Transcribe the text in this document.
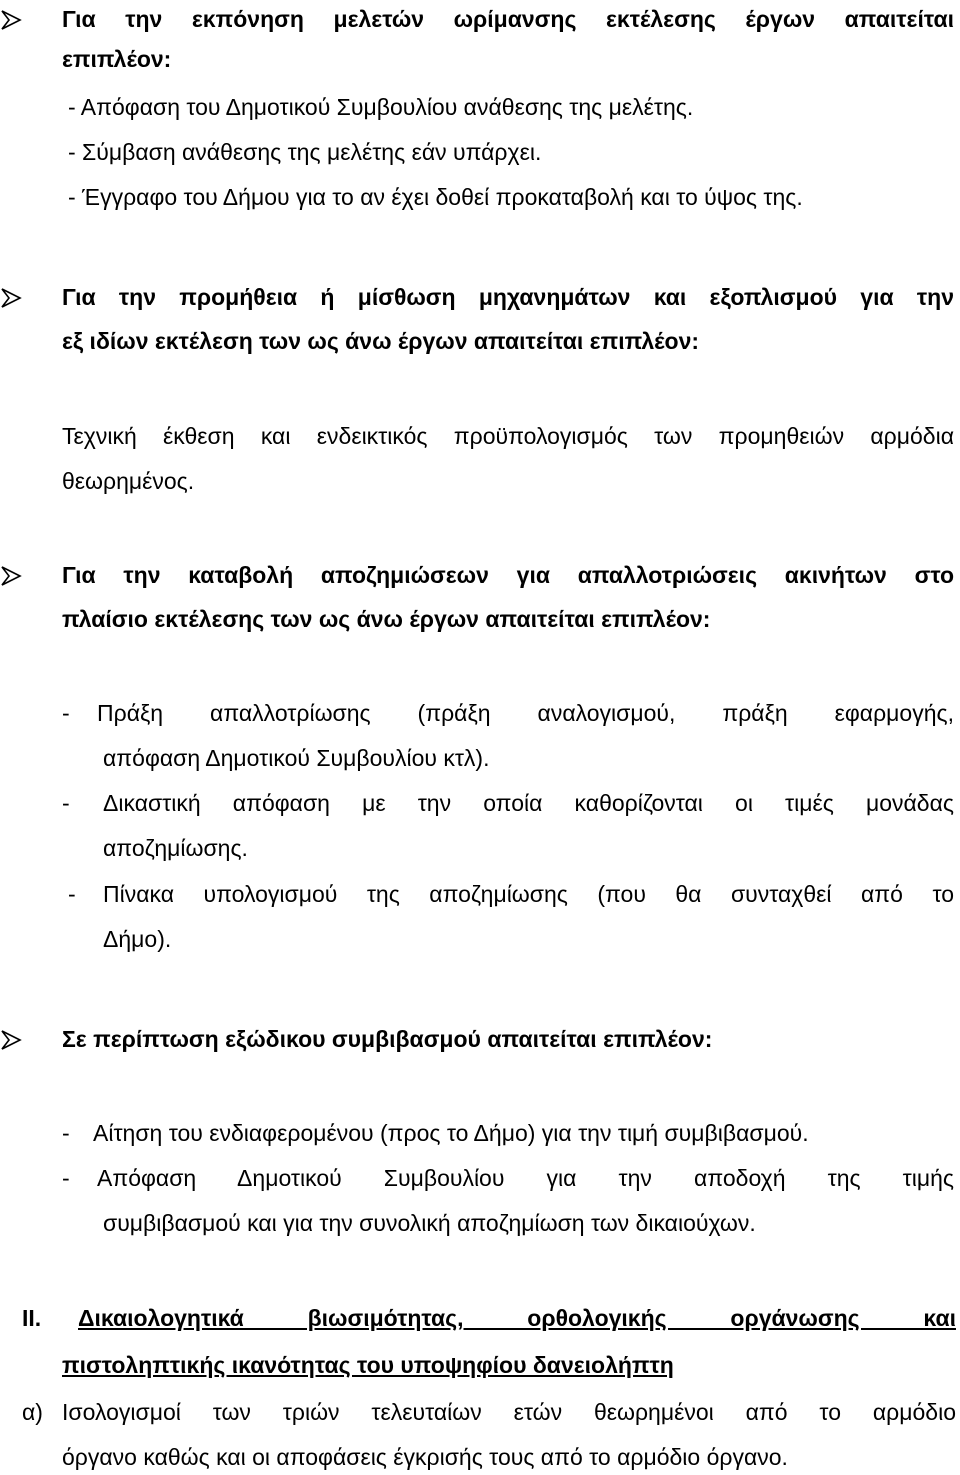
Για την εκπόνηση μελετών ωρίμανσης εκτέλεσης έργων απαιτείται
επιπλέον:
- Απόφαση του Δημοτικού Συμβουλίου ανάθεσης της μελέτης.
- Σύμβαση ανάθεσης της μελέτης εάν υπάρχει.
- Έγγραφο του Δήμου για το αν έχει δοθεί προκαταβολή και το ύψος της.
Για την προμήθεια ή μίσθωση μηχανημάτων και εξοπλισμού για την
εξ ιδίων εκτέλεση των ως άνω έργων απαιτείται επιπλέον:
Τεχνική έκθεση και ενδεικτικός προϋπολογισμός των προμηθειών αρμόδια
θεωρημένος.
Για την καταβολή αποζημιώσεων για απαλλοτριώσεις ακινήτων στο
πλαίσιο εκτέλεσης των ως άνω έργων απαιτείται επιπλέον:
- Πράξη απαλλοτρίωσης (πράξη αναλογισμού, πράξη εφαρμογής,
απόφαση Δημοτικού Συμβουλίου κτλ).
- Δικαστική απόφαση με την οποία καθορίζονται οι τιμές μονάδας
αποζημίωσης.
- Πίνακα υπολογισμού της αποζημίωσης (που θα συνταχθεί από το
Δήμο).
Σε περίπτωση εξώδικου συμβιβασμού απαιτείται επιπλέον:
- Αίτηση του ενδιαφερομένου (προς το Δήμο) για την τιμή συμβιβασμού.
- Απόφαση Δημοτικού Συμβουλίου για την αποδοχή της τιμής
συμβιβασμού και για την συνολική αποζημίωση των δικαιούχων.
ΙΙ. Δικαιολογητικά βιωσιμότητας, ορθολογικής οργάνωσης και
πιστοληπτικής ικανότητας του υποψηφίου δανειολήπτη
α) Ισολογισμοί των τριών τελευταίων ετών θεωρημένοι από το αρμόδιο
όργανο καθώς και οι αποφάσεις έγκρισής τους από το αρμόδιο όργανο.
